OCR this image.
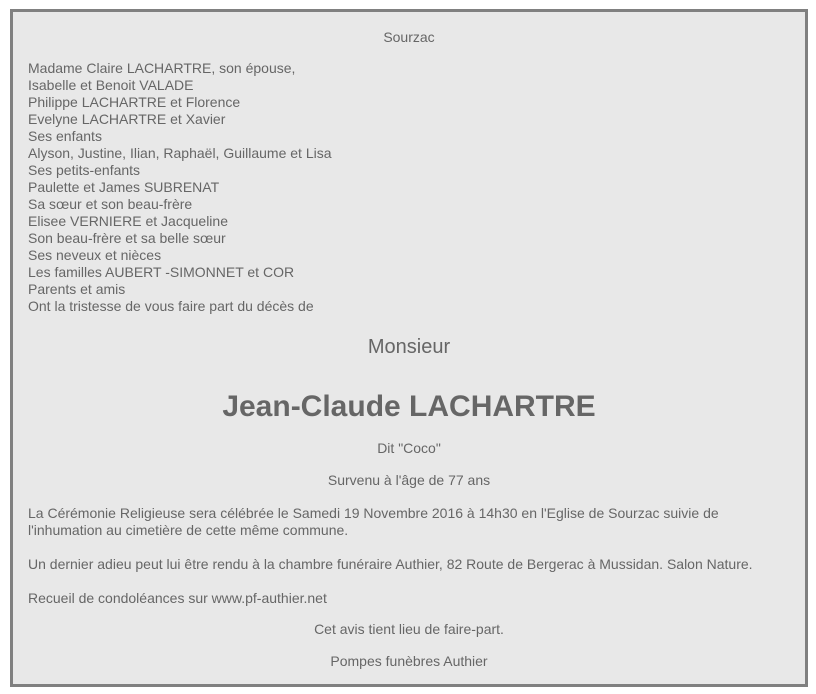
Sourzac
Madame Claire LACHARTRE, son épouse,
Isabelle et Benoit VALADE
Philippe LACHARTRE et Florence
Evelyne LACHARTRE et Xavier
Ses enfants
Alyson, Justine, Ilian, Raphaël, Guillaume et Lisa
Ses petits-enfants
Paulette et James SUBRENAT
Sa sœur et son beau-frère
Elisee VERNIERE et Jacqueline
Son beau-frère et sa belle sœur
Ses neveux et nièces
Les familles AUBERT -SIMONNET et COR
Parents et amis
Ont la tristesse de vous faire part du décès de
Monsieur
Jean-Claude LACHARTRE
Dit "Coco"
Survenu à l'âge de 77 ans
La Cérémonie Religieuse sera célébrée le Samedi 19 Novembre 2016 à 14h30 en l'Eglise de Sourzac suivie de l'inhumation au cimetière de cette même commune.
Un dernier adieu peut lui être rendu à la chambre funéraire Authier, 82 Route de Bergerac à Mussidan. Salon Nature.
Recueil de condoléances sur www.pf-authier.net
Cet avis tient lieu de faire-part.
Pompes funèbres Authier
